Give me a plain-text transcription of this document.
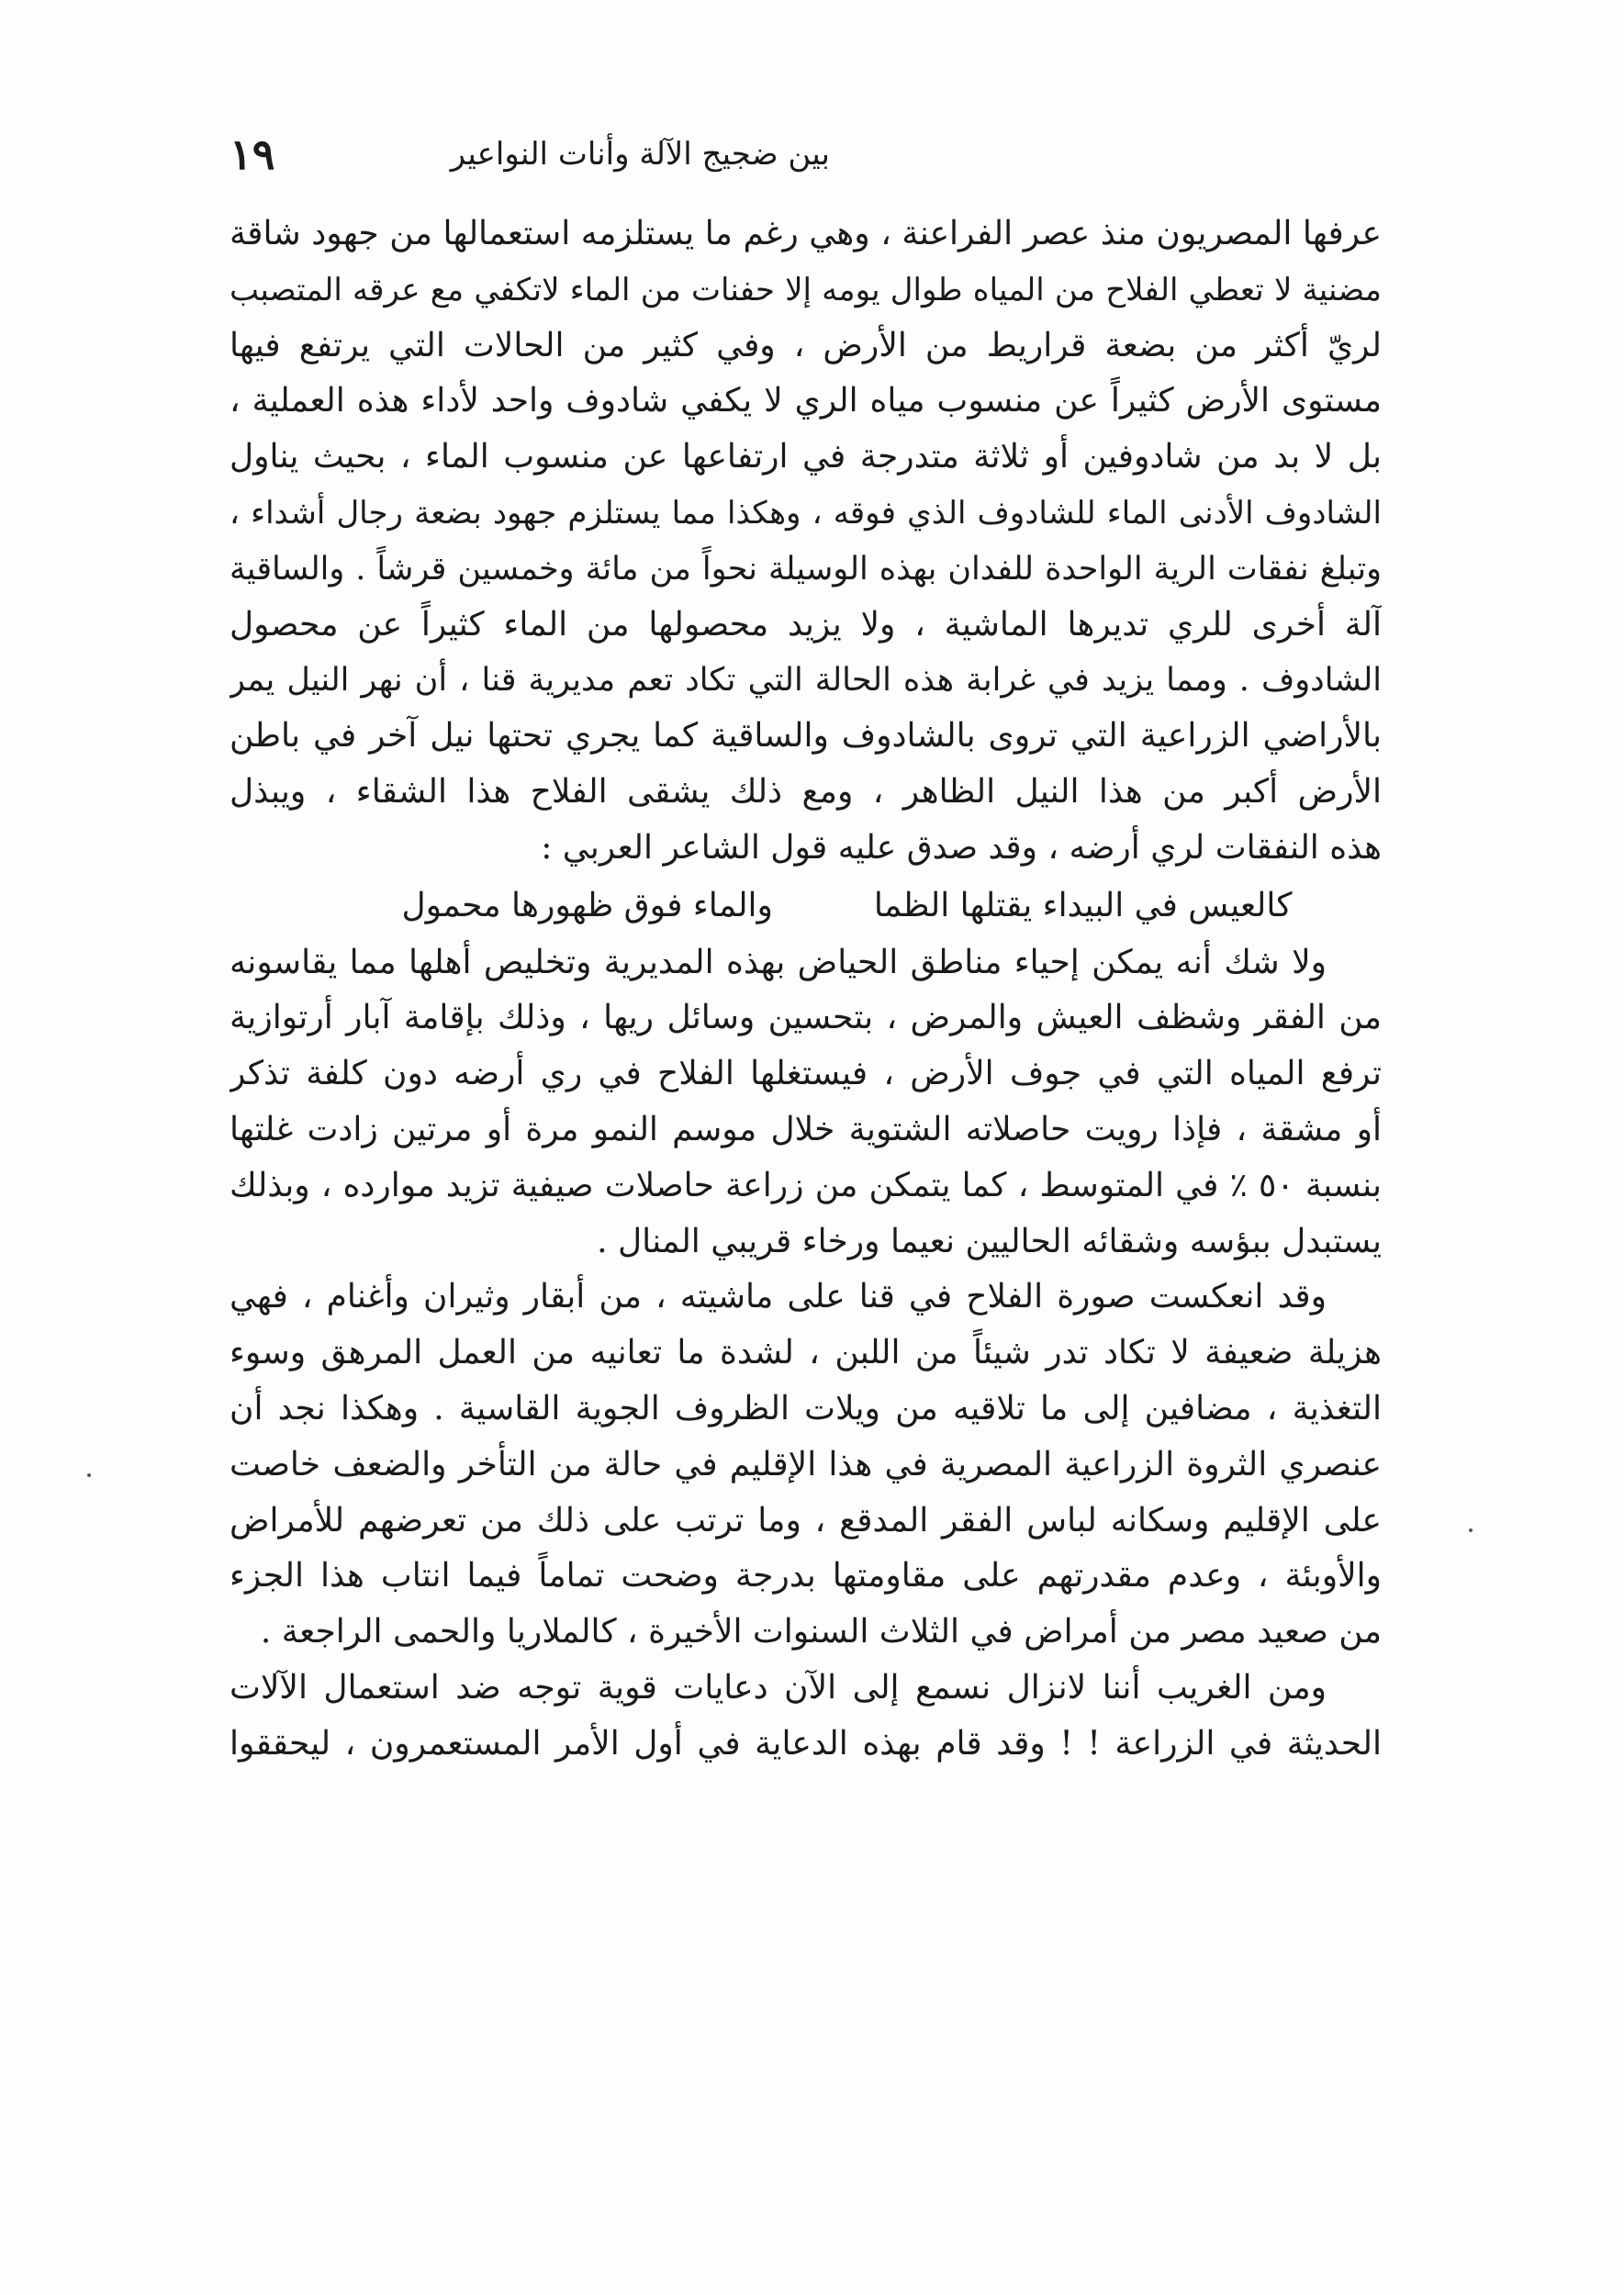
بين ضجيج الآلة وأنات النواعير
١٩
عرفها المصريون منذ عصر الفراعنة ، وهي رغم ما يستلزمه استعمالها من جهود شاقة
مضنية لا تعطي الفلاح من المياه طوال يومه إلا حفنات من الماء لاتكفي مع عرقه المتصبب
لريّ أكثر من بضعة قراريط من الأرض ، وفي كثير من الحالات التي يرتفع فيها
مستوى الأرض كثيراً عن منسوب مياه الري لا يكفي شادوف واحد لأداء هذه العملية ،
بل لا بد من شادوفين أو ثلاثة متدرجة في ارتفاعها عن منسوب الماء ، بحيث يناول
الشادوف الأدنى الماء للشادوف الذي فوقه ، وهكذا مما يستلزم جهود بضعة رجال أشداء ،
وتبلغ نفقات الرية الواحدة للفدان بهذه الوسيلة نحواً من مائة وخمسين قرشاً . والساقية
آلة أخرى للري تديرها الماشية ، ولا يزيد محصولها من الماء كثيراً عن محصول
الشادوف . ومما يزيد في غرابة هذه الحالة التي تكاد تعم مديرية قنا ، أن نهر النيل يمر
بالأراضي الزراعية التي تروى بالشادوف والساقية كما يجري تحتها نيل آخر في باطن
الأرض أكبر من هذا النيل الظاهر ، ومع ذلك يشقى الفلاح هذا الشقاء ، ويبذل
هذه النفقات لري أرضه ، وقد صدق عليه قول الشاعر العربي :
كالعيس في البيداء يقتلها الظما
والماء فوق ظهورها محمول
ولا شك أنه يمكن إحياء مناطق الحياض بهذه المديرية وتخليص أهلها مما يقاسونه
من الفقر وشظف العيش والمرض ، بتحسين وسائل ريها ، وذلك بإقامة آبار أرتوازية
ترفع المياه التي في جوف الأرض ، فيستغلها الفلاح في ري أرضه دون كلفة تذكر
أو مشقة ، فإذا رويت حاصلاته الشتوية خلال موسم النمو مرة أو مرتين زادت غلتها
بنسبة ٥٠ ٪ في المتوسط ، كما يتمكن من زراعة حاصلات صيفية تزيد موارده ، وبذلك
يستبدل ببؤسه وشقائه الحاليين نعيما ورخاء قريبي المنال .
وقد انعكست صورة الفلاح في قنا على ماشيته ، من أبقار وثيران وأغنام ، فهي
هزيلة ضعيفة لا تكاد تدر شيئاً من اللبن ، لشدة ما تعانيه من العمل المرهق وسوء
التغذية ، مضافين إلى ما تلاقيه من ويلات الظروف الجوية القاسية . وهكذا نجد أن
عنصري الثروة الزراعية المصرية في هذا الإقليم في حالة من التأخر والضعف خاصت
على الإقليم وسكانه لباس الفقر المدقع ، وما ترتب على ذلك من تعرضهم للأمراض
والأوبئة ، وعدم مقدرتهم على مقاومتها بدرجة وضحت تماماً فيما انتاب هذا الجزء
من صعيد مصر من أمراض في الثلاث السنوات الأخيرة ، كالملاريا والحمى الراجعة .
ومن الغريب أننا لانزال نسمع إلى الآن دعايات قوية توجه ضد استعمال الآلات
الحديثة في الزراعة ! ! وقد قام بهذه الدعاية في أول الأمر المستعمرون ، ليحققوا
